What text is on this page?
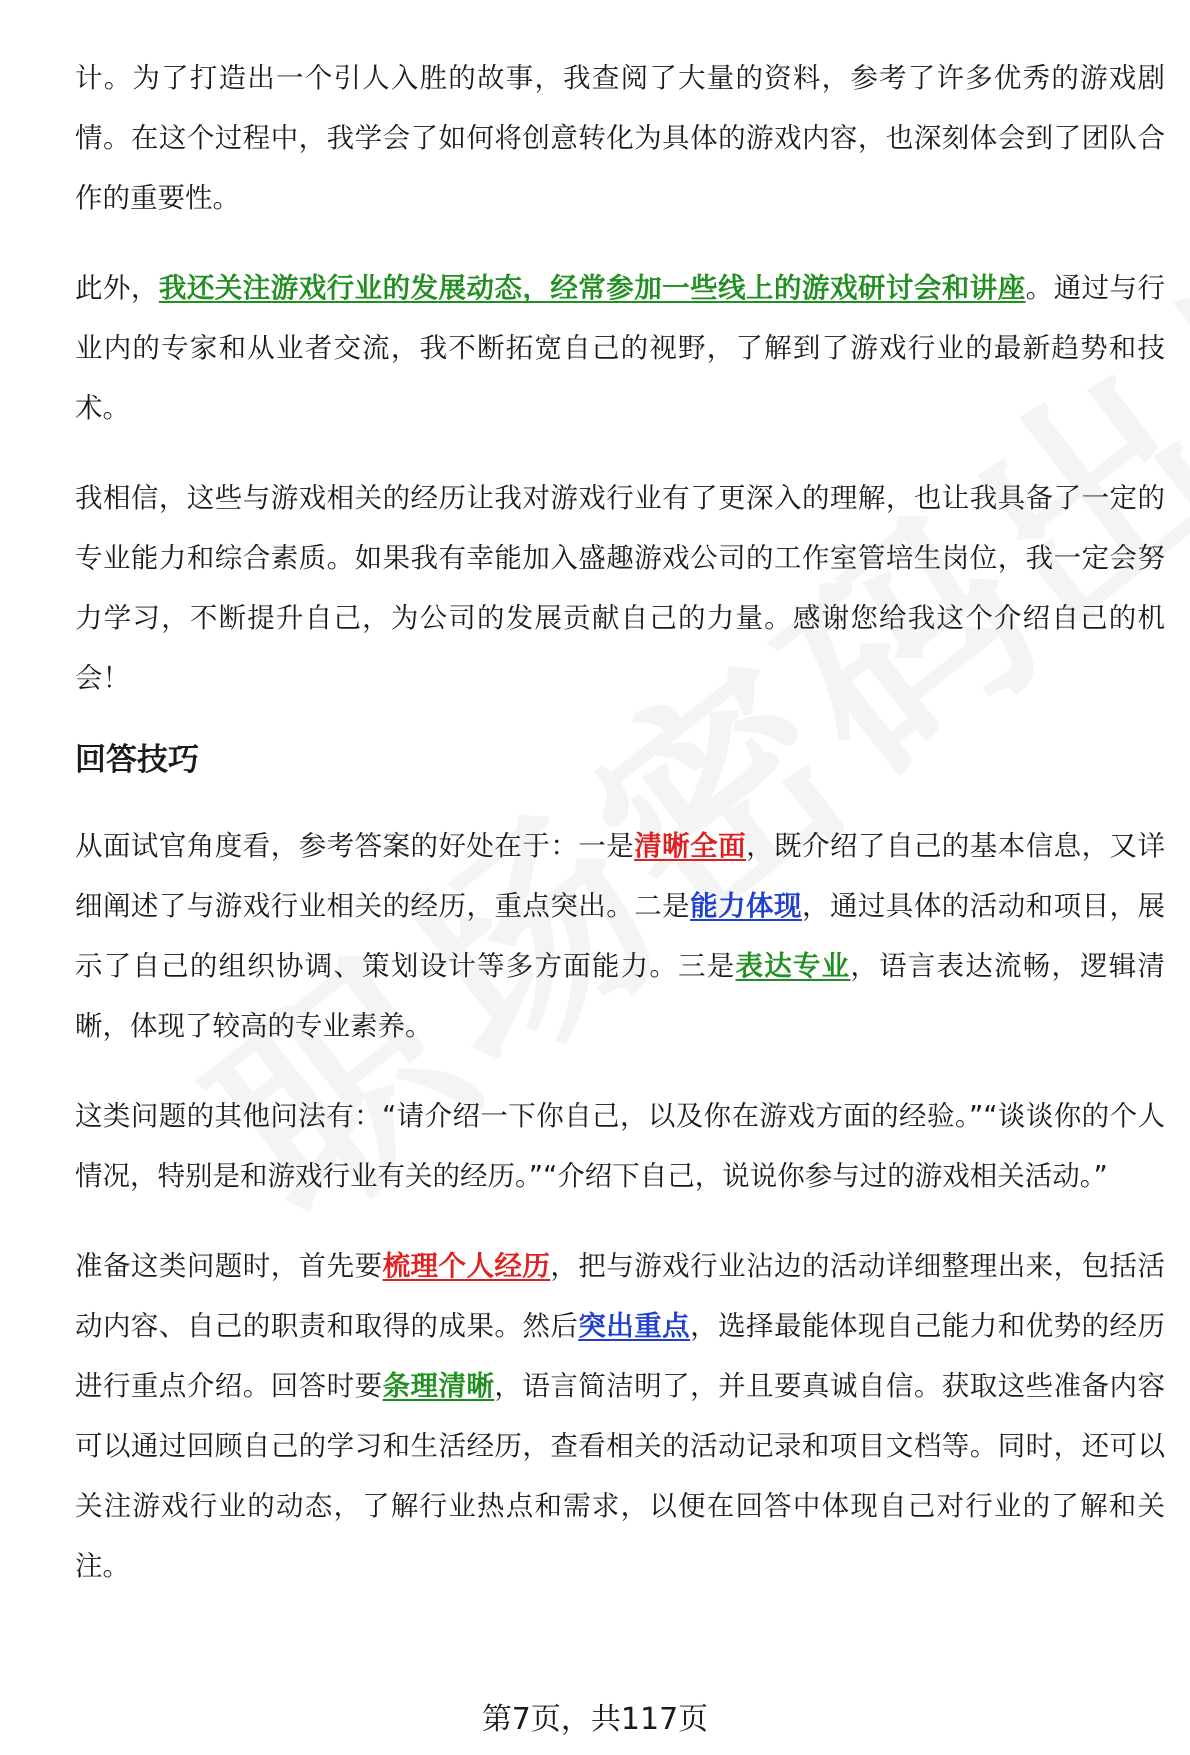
计。为了打造出一个引人入胜的故事，我查阅了大量的资料，参考了许多优秀的游戏剧情。在这个过程中，我学会了如何将创意转化为具体的游戏内容，也深刻体会到了团队合作的重要性。

此外，我还关注游戏行业的发展动态，经常参加一些线上的游戏研讨会和讲座。通过与行业内的专家和从业者交流，我不断拓宽自己的视野，了解到了游戏行业的最新趋势和技术。

我相信，这些与游戏相关的经历让我对游戏行业有了更深入的理解，也让我具备了一定的专业能力和综合素质。如果我有幸能加入盛趣游戏公司的工作室管培生岗位，我一定会努力学习，不断提升自己，为公司的发展贡献自己的力量。感谢您给我这个介绍自己的机会！

回答技巧

从面试官角度看，参考答案的好处在于：一是清晰全面，既介绍了自己的基本信息，又详细阐述了与游戏行业相关的经历，重点突出。二是能力体现，通过具体的活动和项目，展示了自己的组织协调、策划设计等多方面能力。三是表达专业，语言表达流畅，逻辑清晰，体现了较高的专业素养。

这类问题的其他问法有：“请介绍一下你自己，以及你在游戏方面的经验。”“谈谈你的个人情况，特别是和游戏行业有关的经历。”“介绍下自己，说说你参与过的游戏相关活动。”

准备这类问题时，首先要梳理个人经历，把与游戏行业沾边的活动详细整理出来，包括活动内容、自己的职责和取得的成果。然后突出重点，选择最能体现自己能力和优势的经历进行重点介绍。回答时要条理清晰，语言简洁明了，并且要真诚自信。获取这些准备内容可以通过回顾自己的学习和生活经历，查看相关的活动记录和项目文档等。同时，还可以关注游戏行业的动态，了解行业热点和需求，以便在回答中体现自己对行业的了解和关注。

第7页，共117页
